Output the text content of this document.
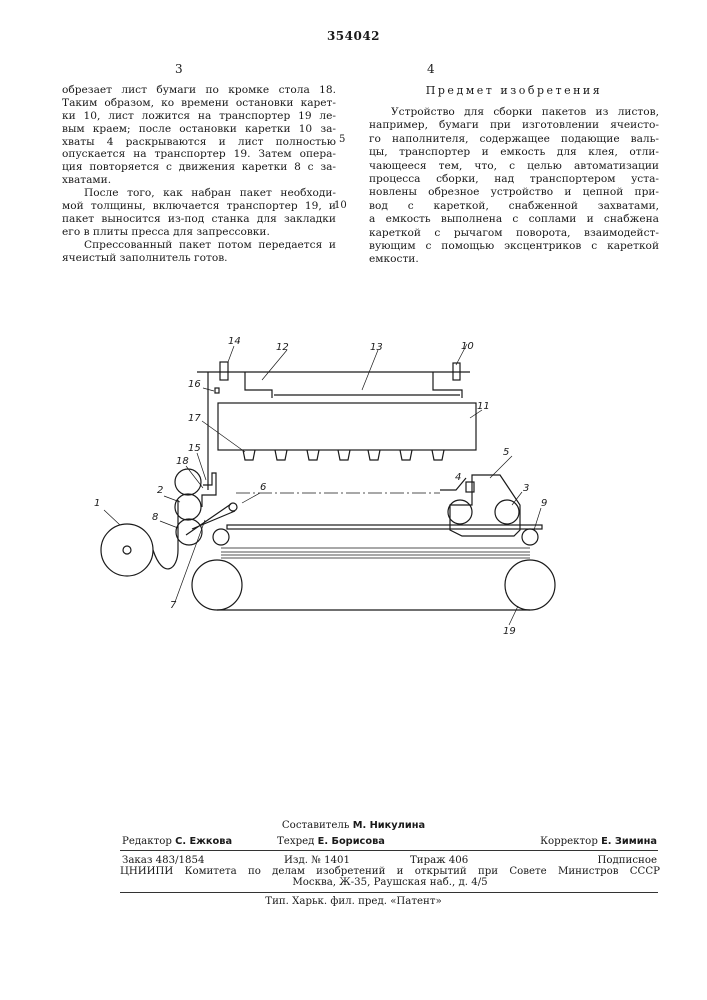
354042
3	4
обрезает лист бумаги по кромке стола 18.
Таким образом, ко времени остановки карет-
ки 10, лист ложится на транспортер 19 ле-
вым краем; после остановки каретки 10 за-
хваты 4 раскрываются и лист полностью
опускается на транспортер 19. Затем опера-
ция повторяется с движения каретки 8 с за-
хватами.
После того, как набран пакет необходи-
мой толщины, включается транспортер 19, и
пакет выносится из-под станка для закладки
его в плиты пресса для запрессовки.
Спрессованный пакет потом передается и
ячеистый заполнитель готов.
5
10
Предмет изобретения
Устройство для сборки пакетов из листов,
например, бумаги при изготовлении ячеисто-
го наполнителя, содержащее подающие валь-
цы, транспортер и емкость для клея, отли-
чающееся тем, что, с целью автоматизации
процесса сборки, над транспортером уста-
новлены обрезное устройство и цепной при-
вод с кареткой, снабженной захватами,
а емкость выполнена с соплами и снабжена
кареткой с рычагом поворота, взаимодейст-
вующим с помощью эксцентриков с кареткой
емкости.
1
2	3
4
5
6
7
8
9
10
11
12	13
14
15
16
17
18
19
Составитель М. Никулина
Редактор С. Ежкова	Техред Е. Борисова	Корректор Е. Зимина
Заказ 483/1854	Изд. № 1401	Тираж 406	Подписное
ЦНИИПИ Комитета по делам изобретений и открытий при Совете Министров СССР
Москва, Ж-35, Раушская наб., д. 4/5
Тип. Харьк. фил. пред. «Патент»
